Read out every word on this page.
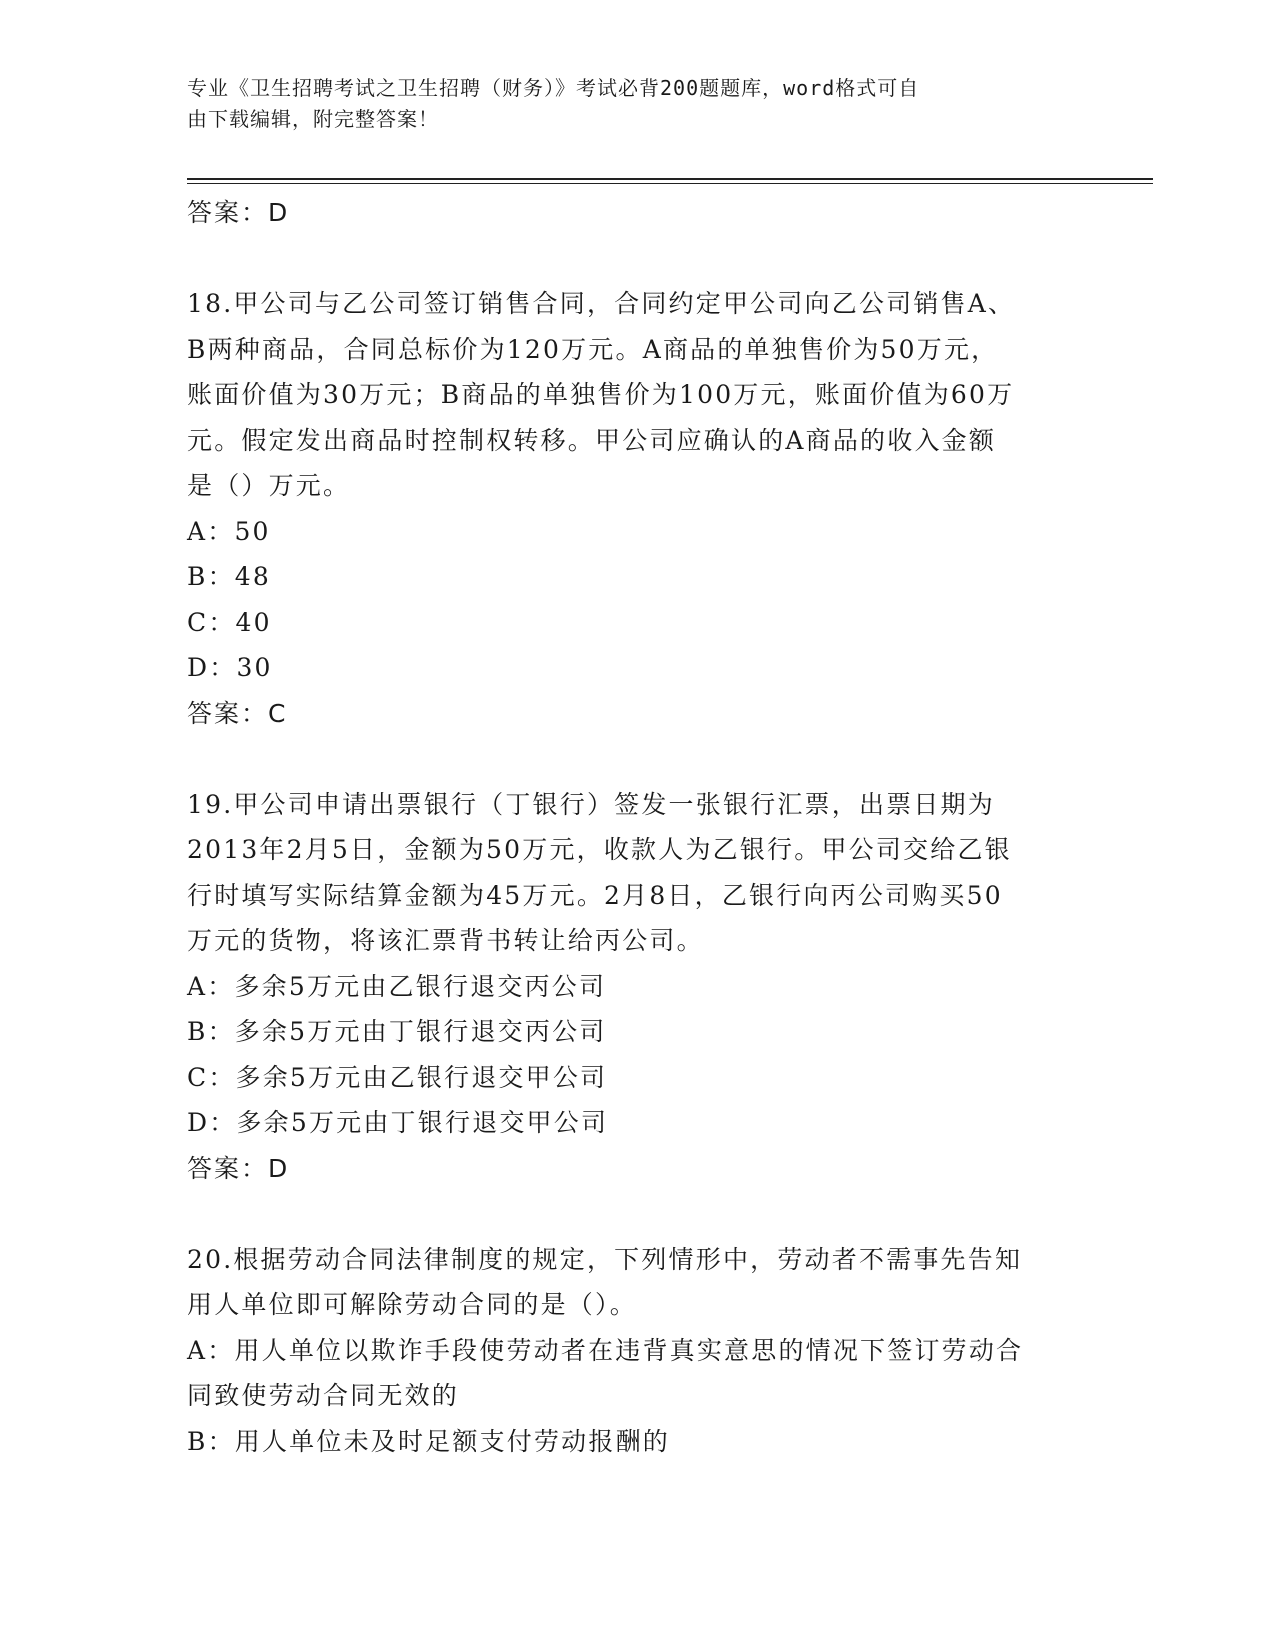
专业《卫生招聘考试之卫生招聘（财务）》考试必背200题题库，word格式可自
由下载编辑，附完整答案！
答案：D
18.甲公司与乙公司签订销售合同，合同约定甲公司向乙公司销售A、
B两种商品，合同总标价为120万元。A商品的单独售价为50万元，
账面价值为30万元；B商品的单独售价为100万元，账面价值为60万
元。假定发出商品时控制权转移。甲公司应确认的A商品的收入金额
是（）万元。
A：50
B：48
C：40
D：30
答案：C
19.甲公司申请出票银行（丁银行）签发一张银行汇票，出票日期为
2013年2月5日，金额为50万元，收款人为乙银行。甲公司交给乙银
行时填写实际结算金额为45万元。2月8日，乙银行向丙公司购买50
万元的货物，将该汇票背书转让给丙公司。
A：多余5万元由乙银行退交丙公司
B：多余5万元由丁银行退交丙公司
C：多余5万元由乙银行退交甲公司
D：多余5万元由丁银行退交甲公司
答案：D
20.根据劳动合同法律制度的规定，下列情形中，劳动者不需事先告知
用人单位即可解除劳动合同的是（）。
A：用人单位以欺诈手段使劳动者在违背真实意思的情况下签订劳动合
同致使劳动合同无效的
B：用人单位未及时足额支付劳动报酬的
